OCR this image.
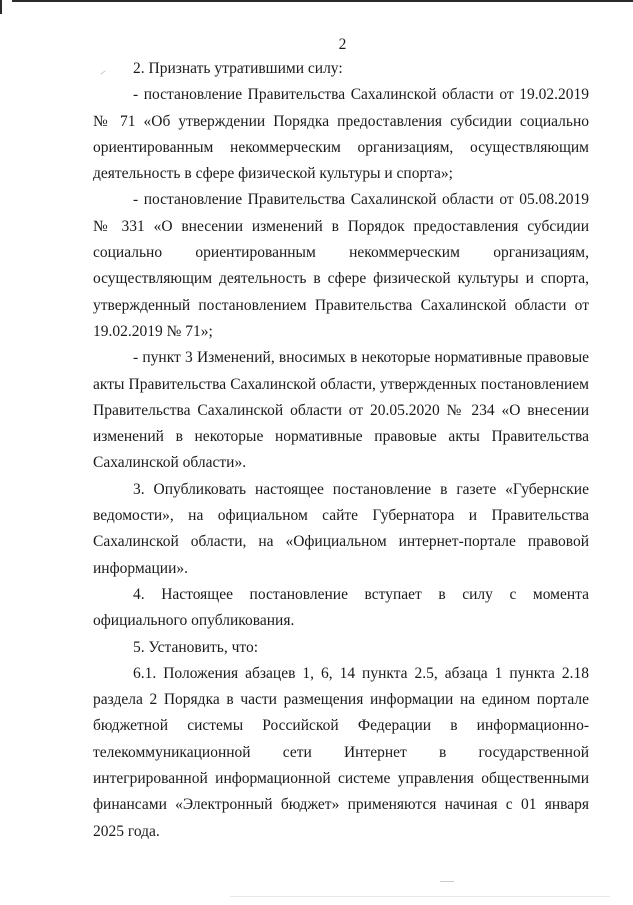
2

2. Признать утратившими силу:

- постановление Правительства Сахалинской области от 19.02.2019 № 71 «Об утверждении Порядка предоставления субсидии социально ориентированным некоммерческим организациям, осуществляющим деятельность в сфере физической культуры и спорта»;

- постановление Правительства Сахалинской области от 05.08.2019 № 331 «О внесении изменений в Порядок предоставления субсидии социально ориентированным некоммерческим организациям, осуществляющим деятельность в сфере физической культуры и спорта, утвержденный постановлением Правительства Сахалинской области от 19.02.2019 № 71»;

- пункт 3 Изменений, вносимых в некоторые нормативные правовые акты Правительства Сахалинской области, утвержденных постановлением Правительства Сахалинской области от 20.05.2020 № 234 «О внесении изменений в некоторые нормативные правовые акты Правительства Сахалинской области».

3. Опубликовать настоящее постановление в газете «Губернские ведомости», на официальном сайте Губернатора и Правительства Сахалинской области, на «Официальном интернет-портале правовой информации».

4. Настоящее постановление вступает в силу с момента официального опубликования.

5. Установить, что:

6.1. Положения абзацев 1, 6, 14 пункта 2.5, абзаца 1 пункта 2.18 раздела 2 Порядка в части размещения информации на едином портале бюджетной системы Российской Федерации в информационно-телекоммуникационной сети Интернет в государственной интегрированной информационной системе управления общественными финансами «Электронный бюджет» применяются начиная с 01 января 2025 года.
